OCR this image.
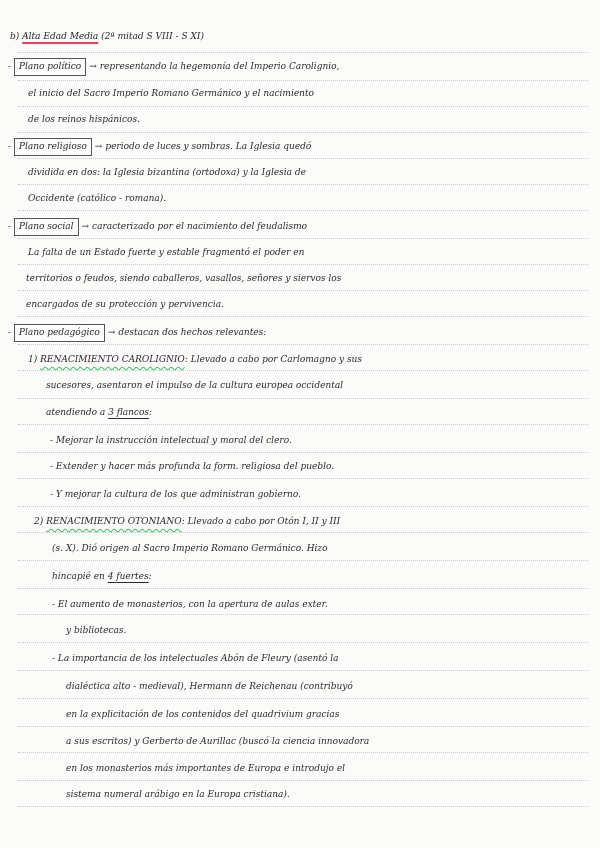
b) Alta Edad Media (2ª mitad S VIII - S XI)
- Plano político → representando la hegemonía del Imperio Carolignio,
el inicio del Sacro Imperio Romano Germánico y el nacimiento
de los reinos hispánicos.
- Plano religioso → periodo de luces y sombras. La Iglesia quedó
dividida en dos: la Iglesia bizantina (ortodoxa) y la Iglesia de
Occidente (católico - romana).
- Plano social → caracterizado por el nacimiento del feudalismo
La falta de un Estado fuerte y estable fragmentó el poder en
territorios o feudos, siendo caballeros, vasallos, señores y siervos los
encargados de su protección y pervivencia.
- Plano pedagógico → destacan dos hechos relevantes:
1) RENACIMIENTO CAROLIGNIO: Llevado a cabo por Carlomagno y sus
sucesores, asentaron el impulso de la cultura europea occidental
atendiendo a 3 flancos:
- Mejorar la instrucción intelectual y moral del clero.
- Extender y hacer más profunda la form. religiosa del pueblo.
- Y mejorar la cultura de los que administran gobierno.
2) RENACIMIENTO OTONIANO: Llevado a cabo por Otón I, II y III
(s. X). Dió origen al Sacro Imperio Romano Germánico. Hizo
hincapié en 4 fuertes:
- El aumento de monasterios, con la apertura de aulas exter.
y bibliotecas.
- La importancia de los intelectuales Abón de Fleury (asentó la
dialéctica alto - medieval), Hermann de Reichenau (contribuyó
en la explicitación de los contenidos del quadrivium gracias
a sus escritos) y Gerberto de Aurillac (buscó la ciencia innovadora
en los monasterios más importantes de Europa e introdujo el
sistema numeral arábigo en la Europa cristiana).
